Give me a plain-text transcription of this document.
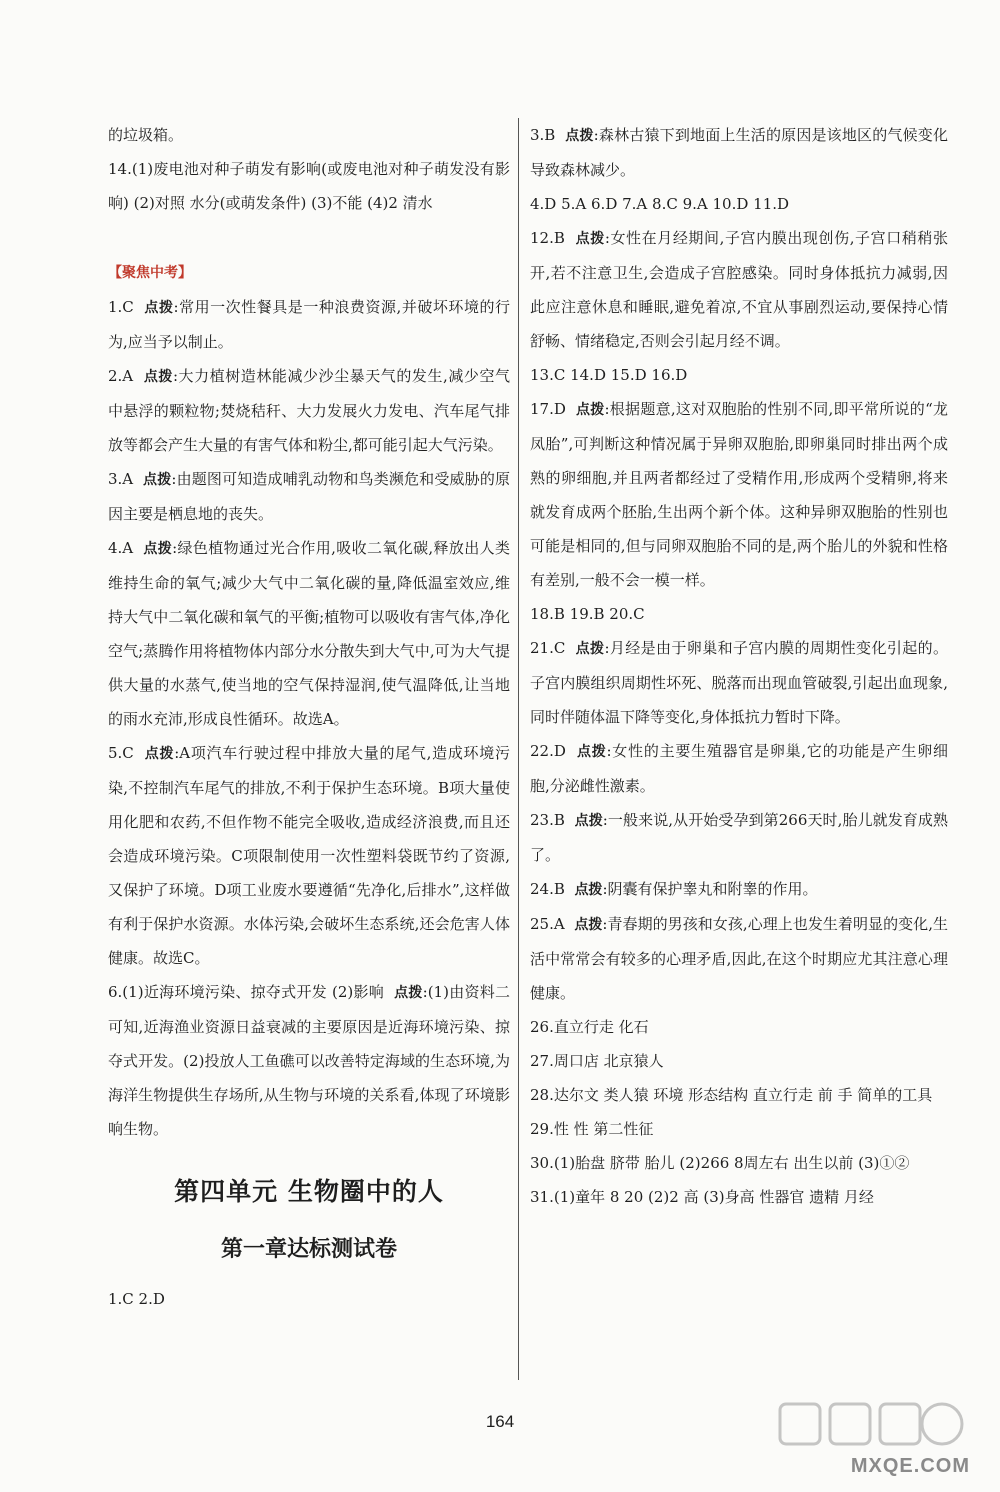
的垃圾箱。

14.(1)废电池对种子萌发有影响(或废电池对种子萌发没有影响) (2)对照 水分(或萌发条件) (3)不能 (4)2 清水

【聚焦中考】

1.C 点拨:常用一次性餐具是一种浪费资源,并破坏环境的行为,应当予以制止。

2.A 点拨:大力植树造林能减少沙尘暴天气的发生,减少空气中悬浮的颗粒物;焚烧秸秆、大力发展火力发电、汽车尾气排放等都会产生大量的有害气体和粉尘,都可能引起大气污染。

3.A 点拨:由题图可知造成哺乳动物和鸟类濒危和受威胁的原因主要是栖息地的丧失。

4.A 点拨:绿色植物通过光合作用,吸收二氧化碳,释放出人类维持生命的氧气;减少大气中二氧化碳的量,降低温室效应,维持大气中二氧化碳和氧气的平衡;植物可以吸收有害气体,净化空气;蒸腾作用将植物体内部分水分散失到大气中,可为大气提供大量的水蒸气,使当地的空气保持湿润,使气温降低,让当地的雨水充沛,形成良性循环。故选A。

5.C 点拨:A项汽车行驶过程中排放大量的尾气,造成环境污染,不控制汽车尾气的排放,不利于保护生态环境。B项大量使用化肥和农药,不但作物不能完全吸收,造成经济浪费,而且还会造成环境污染。C项限制使用一次性塑料袋既节约了资源,又保护了环境。D项工业废水要遵循“先净化,后排水”,这样做有利于保护水资源。水体污染,会破坏生态系统,还会危害人体健康。故选C。

6.(1)近海环境污染、掠夺式开发 (2)影响 点拨:(1)由资料二可知,近海渔业资源日益衰减的主要原因是近海环境污染、掠夺式开发。(2)投放人工鱼礁可以改善特定海域的生态环境,为海洋生物提供生存场所,从生物与环境的关系看,体现了环境影响生物。

第四单元 生物圈中的人
第一章达标测试卷

1.C 2.D

3.B 点拨:森林古猿下到地面上生活的原因是该地区的气候变化导致森林减少。

4.D 5.A 6.D 7.A 8.C 9.A 10.D 11.D

12.B 点拨:女性在月经期间,子宫内膜出现创伤,子宫口稍稍张开,若不注意卫生,会造成子宫腔感染。同时身体抵抗力减弱,因此应注意休息和睡眠,避免着凉,不宜从事剧烈运动,要保持心情舒畅、情绪稳定,否则会引起月经不调。

13.C 14.D 15.D 16.D

17.D 点拨:根据题意,这对双胞胎的性别不同,即平常所说的“龙凤胎”,可判断这种情况属于异卵双胞胎,即卵巢同时排出两个成熟的卵细胞,并且两者都经过了受精作用,形成两个受精卵,将来就发育成两个胚胎,生出两个新个体。这种异卵双胞胎的性别也可能是相同的,但与同卵双胞胎不同的是,两个胎儿的外貌和性格有差别,一般不会一模一样。

18.B 19.B 20.C

21.C 点拨:月经是由于卵巢和子宫内膜的周期性变化引起的。子宫内膜组织周期性坏死、脱落而出现血管破裂,引起出血现象,同时伴随体温下降等变化,身体抵抗力暂时下降。

22.D 点拨:女性的主要生殖器官是卵巢,它的功能是产生卵细胞,分泌雌性激素。

23.B 点拨:一般来说,从开始受孕到第266天时,胎儿就发育成熟了。

24.B 点拨:阴囊有保护睾丸和附睾的作用。

25.A 点拨:青春期的男孩和女孩,心理上也发生着明显的变化,生活中常常会有较多的心理矛盾,因此,在这个时期应尤其注意心理健康。

26.直立行走 化石

27.周口店 北京猿人

28.达尔文 类人猿 环境 形态结构 直立行走 前 手 简单的工具

29.性 性 第二性征

30.(1)胎盘 脐带 胎儿 (2)266 8周左右 出生以前 (3)①②

31.(1)童年 8 20 (2)2 高 (3)身高 性器官 遗精 月经

164
MXQE.COM
